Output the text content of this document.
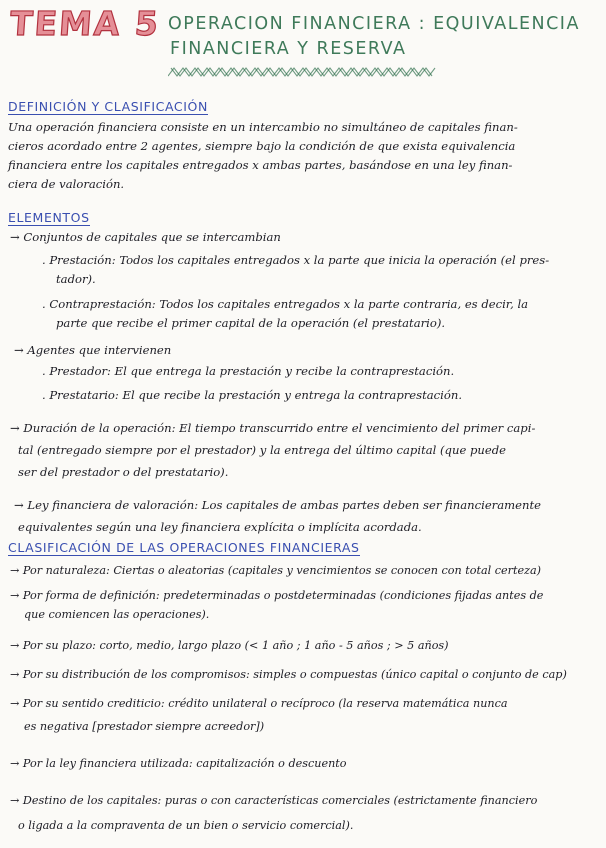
TEMA 5 OPERACION FINANCIERA : EQUIVALENCIA
FINANCIERA Y RESERVA
DEFINICIÓN Y CLASIFICACIÓN
Una operación financiera consiste en un intercambio no simultáneo de capitales finan-
cieros acordado entre 2 agentes, siempre bajo la condición de que exista equivalencia
financiera entre los capitales entregados x ambas partes, basándose en una ley finan-
ciera de valoración.
ELEMENTOS
→ Conjuntos de capitales que se intercambian
. Prestación: Todos los capitales entregados x la parte que inicia la operación (el pres-
tador).
. Contraprestación: Todos los capitales entregados x la parte contraria, es decir, la
parte que recibe el primer capital de la operación (el prestatario).
→ Agentes que intervienen
. Prestador: El que entrega la prestación y recibe la contraprestación.
. Prestatario: El que recibe la prestación y entrega la contraprestación.
→ Duración de la operación: El tiempo transcurrido entre el vencimiento del primer capi-
tal (entregado siempre por el prestador) y la entrega del último capital (que puede
ser del prestador o del prestatario).
→ Ley financiera de valoración: Los capitales de ambas partes deben ser financieramente
equivalentes según una ley financiera explícita o implícita acordada.
CLASIFICACIÓN DE LAS OPERACIONES FINANCIERAS
→ Por naturaleza: Ciertas o aleatorias (capitales y vencimientos se conocen con total certeza)
→ Por forma de definición: predeterminadas o postdeterminadas (condiciones fijadas antes de
que comiencen las operaciones).
→ Por su plazo: corto, medio, largo plazo (< 1 año ; 1 año - 5 años ; > 5 años)
→ Por su distribución de los compromisos: simples o compuestas (único capital o conjunto de cap)
→ Por su sentido crediticio: crédito unilateral o recíproco (la reserva matemática nunca
es negativa [prestador siempre acreedor])
→ Por la ley financiera utilizada: capitalización o descuento
→ Destino de los capitales: puras o con características comerciales (estrictamente financiero
o ligada a la compraventa de un bien o servicio comercial).
